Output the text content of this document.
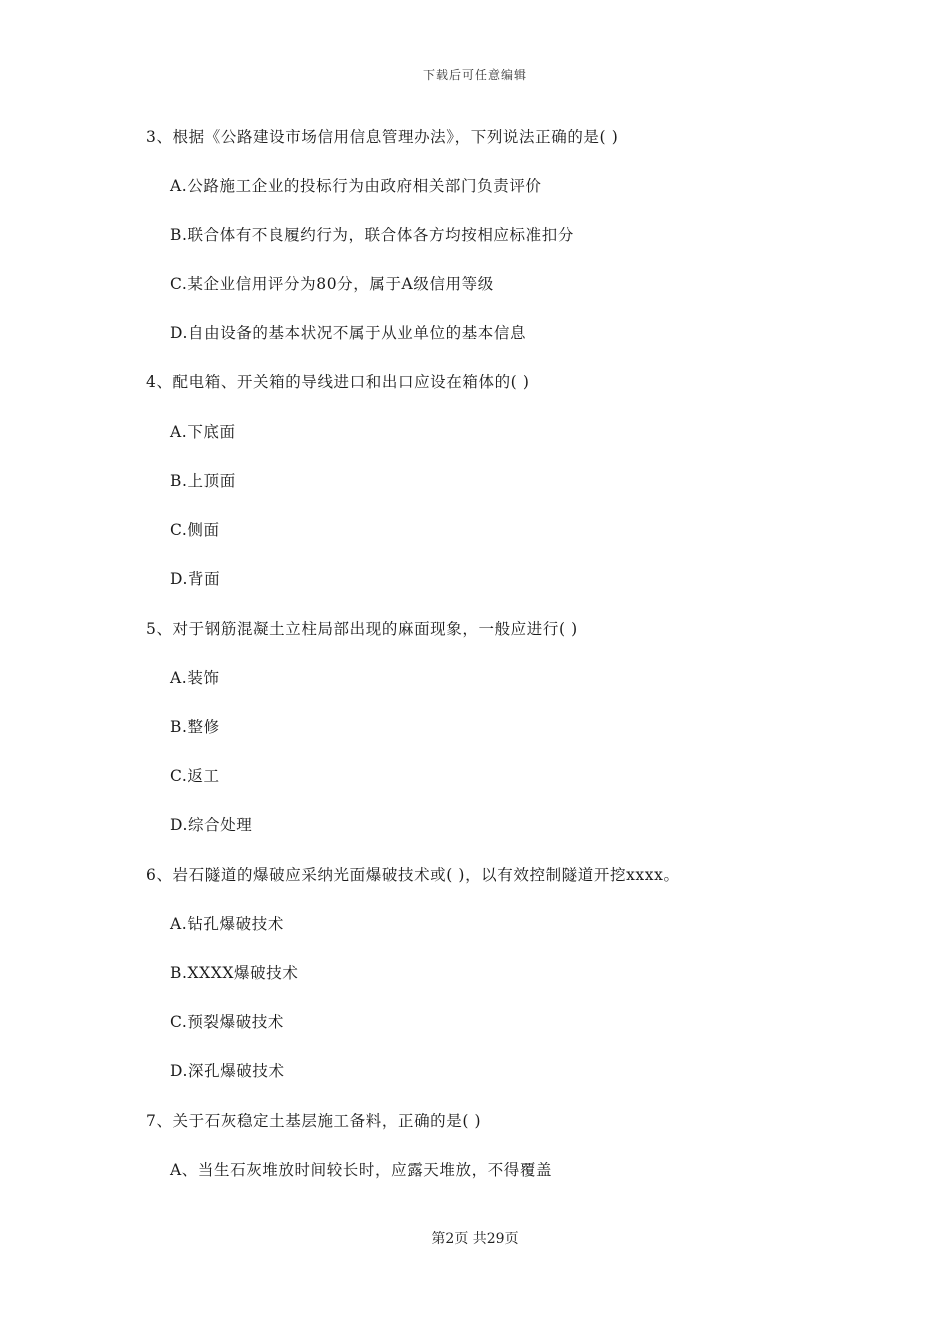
下载后可任意编辑
3、根据《公路建设市场信用信息管理办法》，下列说法正确的是( )
A.公路施工企业的投标行为由政府相关部门负责评价
B.联合体有不良履约行为，联合体各方均按相应标准扣分
C.某企业信用评分为80分，属于A级信用等级
D.自由设备的基本状况不属于从业单位的基本信息
4、配电箱、开关箱的导线进口和出口应设在箱体的( )
A.下底面
B.上顶面
C.侧面
D.背面
5、对于钢筋混凝土立柱局部出现的麻面现象，一般应进行( )
A.装饰
B.整修
C.返工
D.综合处理
6、岩石隧道的爆破应采纳光面爆破技术或( )，以有效控制隧道开挖xxxx。
A.钻孔爆破技术
B.XXXX爆破技术
C.预裂爆破技术
D.深孔爆破技术
7、关于石灰稳定土基层施工备料，正确的是( )
A、当生石灰堆放时间较长时，应露天堆放，不得覆盖
第2页 共29页
